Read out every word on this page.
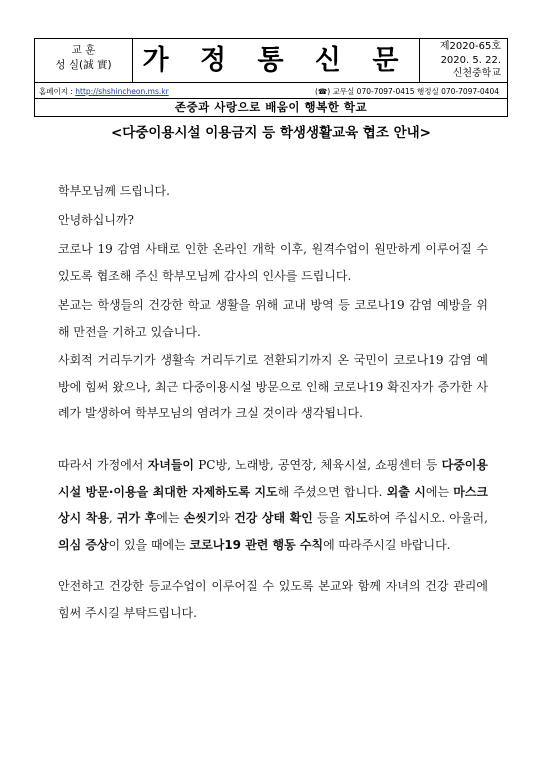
교 훈
성 실(誠 實)	가 정 통 신 문	제2020-65호
2020. 5. 22.
신천중학교
홈페이지 : http://shshincheon.ms.kr	(☎) 교무실 070-7097-0415 행정실 070-7097-0404
존중과 사랑으로 배움이 행복한 학교
<다중이용시설 이용금지 등 학생생활교육 협조 안내>
학부모님께 드립니다.
안녕하십니까?
코로나 19 감염 사태로 인한 온라인 개학 이후, 원격수업이 원만하게 이루어질 수 있도록 협조해 주신 학부모님께 감사의 인사를 드립니다.
본교는 학생들의 건강한 학교 생활을 위해 교내 방역 등 코로나19 감염 예방을 위해 만전을 기하고 있습니다.
사회적 거리두기가 생활속 거리두기로 전환되기까지 온 국민이 코로나19 감염 예방에 힘써 왔으나, 최근 다중이용시설 방문으로 인해 코로나19 확진자가 증가한 사례가 발생하여 학부모님의 염려가 크실 것이라 생각됩니다.
따라서 가정에서 자녀들이 PC방, 노래방, 공연장, 체육시설, 쇼핑센터 등 다중이용시설 방문·이용을 최대한 자제하도록 지도해 주셨으면 합니다. 외출 시에는 마스크 상시 착용, 귀가 후에는 손씻기와 건강 상태 확인 등을 지도하여 주십시오. 아울러, 의심 증상이 있을 때에는 코로나19 관련 행동 수칙에 따라주시길 바랍니다.
안전하고 건강한 등교수업이 이루어질 수 있도록 본교와 함께 자녀의 건강 관리에 힘써 주시길 부탁드립니다.
